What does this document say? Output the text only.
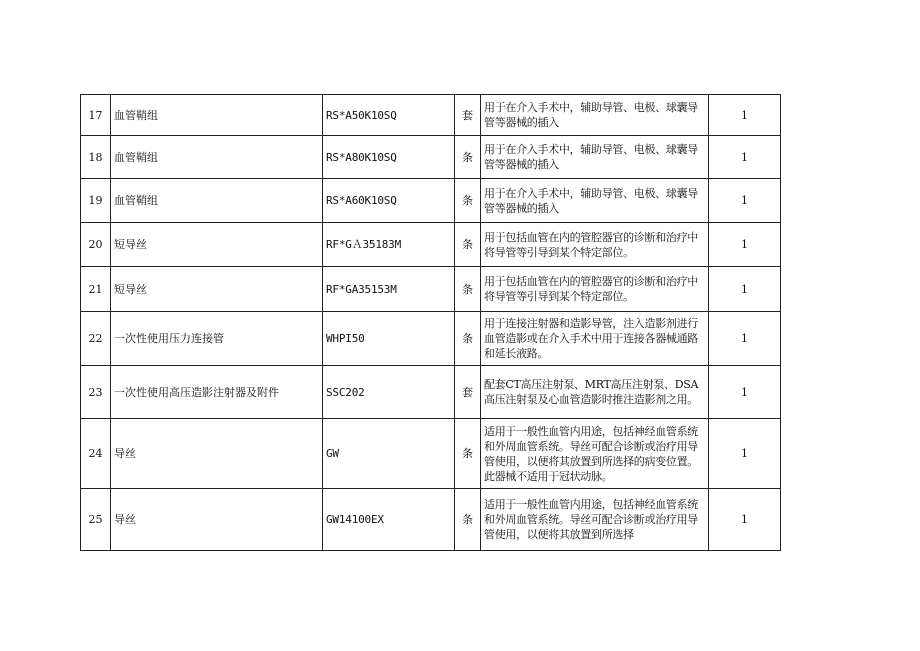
17	血管鞘组	RS*A50K10SQ	套	用于在介入手术中，辅助导管、电极、球囊导管等器械的插入	1
18	血管鞘组	RS*A80K10SQ	条	用于在介入手术中，辅助导管、电极、球囊导管等器械的插入	1
19	血管鞘组	RS*A60K10SQ	条	用于在介入手术中，辅助导管、电极、球囊导管等器械的插入	1
20	短导丝	RF*GＡ35183M	条	用于包括血管在内的管腔器官的诊断和治疗中将导管等引导到某个特定部位。	1
21	短导丝	RF*GA35153M	条	用于包括血管在内的管腔器官的诊断和治疗中将导管等引导到某个特定部位。	1
22	一次性使用压力连接管	WHPI50	条	用于连接注射器和造影导管，注入造影剂进行血管造影或在介入手术中用于连接各器械通路和延长液路。	1
23	一次性使用高压造影注射器及附件	SSC202	套	配套CT高压注射泵、MRT高压注射泵、DSA高压注射泵及心血管造影时推注造影剂之用。	1
24	导丝	GW	条	适用于一般性血管内用途，包括神经血管系统和外周血管系统。导丝可配合诊断或治疗用导管使用，以便将其放置到所选择的病变位置。此器械不适用于冠状动脉。	1
25	导丝	GW14100EX	条	适用于一般性血管内用途，包括神经血管系统和外周血管系统。导丝可配合诊断或治疗用导管使用，以便将其放置到所选择	1
